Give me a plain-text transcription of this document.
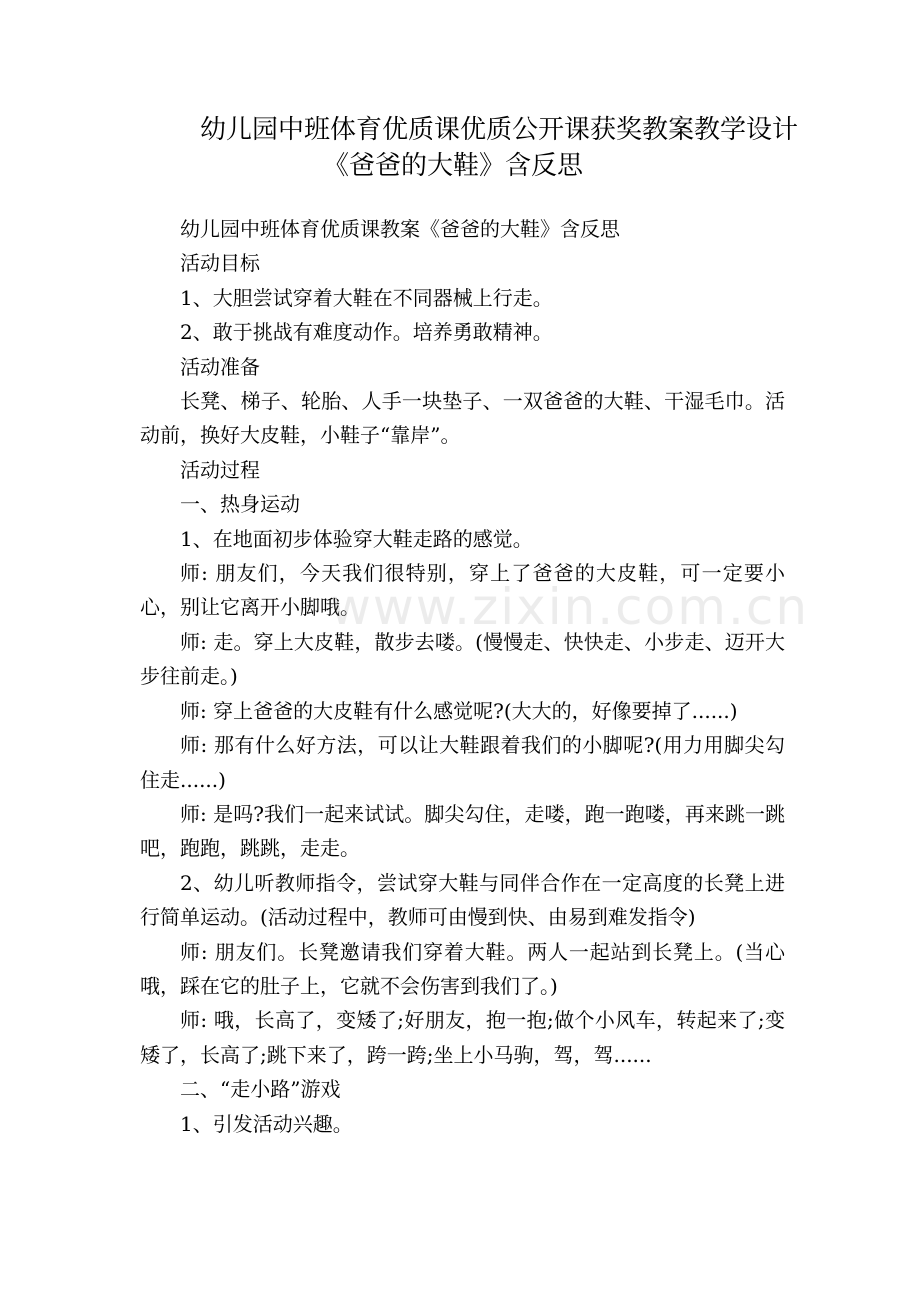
幼儿园中班体育优质课优质公开课获奖教案教学设计
《爸爸的大鞋》含反思

幼儿园中班体育优质课教案《爸爸的大鞋》含反思

活动目标

1、大胆尝试穿着大鞋在不同器械上行走。

2、敢于挑战有难度动作。培养勇敢精神。

活动准备

长凳、梯子、轮胎、人手一块垫子、一双爸爸的大鞋、干湿毛巾。活动前，换好大皮鞋，小鞋子“靠岸”。

活动过程

一、热身运动

1、在地面初步体验穿大鞋走路的感觉。

师: 朋友们，今天我们很特别，穿上了爸爸的大皮鞋，可一定要小心，别让它离开小脚哦。

师: 走。穿上大皮鞋，散步去喽。(慢慢走、快快走、小步走、迈开大步往前走。)

师: 穿上爸爸的大皮鞋有什么感觉呢?(大大的，好像要掉了......)

师: 那有什么好方法，可以让大鞋跟着我们的小脚呢?(用力用脚尖勾住走......)

师: 是吗?我们一起来试试。脚尖勾住，走喽，跑一跑喽，再来跳一跳吧，跑跑，跳跳，走走。

2、幼儿听教师指令，尝试穿大鞋与同伴合作在一定高度的长凳上进行简单运动。(活动过程中，教师可由慢到快、由易到难发指令)

师: 朋友们。长凳邀请我们穿着大鞋。两人一起站到长凳上。(当心哦，踩在它的肚子上，它就不会伤害到我们了。)

师: 哦，长高了，变矮了;好朋友，抱一抱;做个小风车，转起来了;变矮了，长高了;跳下来了，跨一跨;坐上小马驹，驾，驾......

二、“走小路”游戏

1、引发活动兴趣。

www.zixin.com.cn
